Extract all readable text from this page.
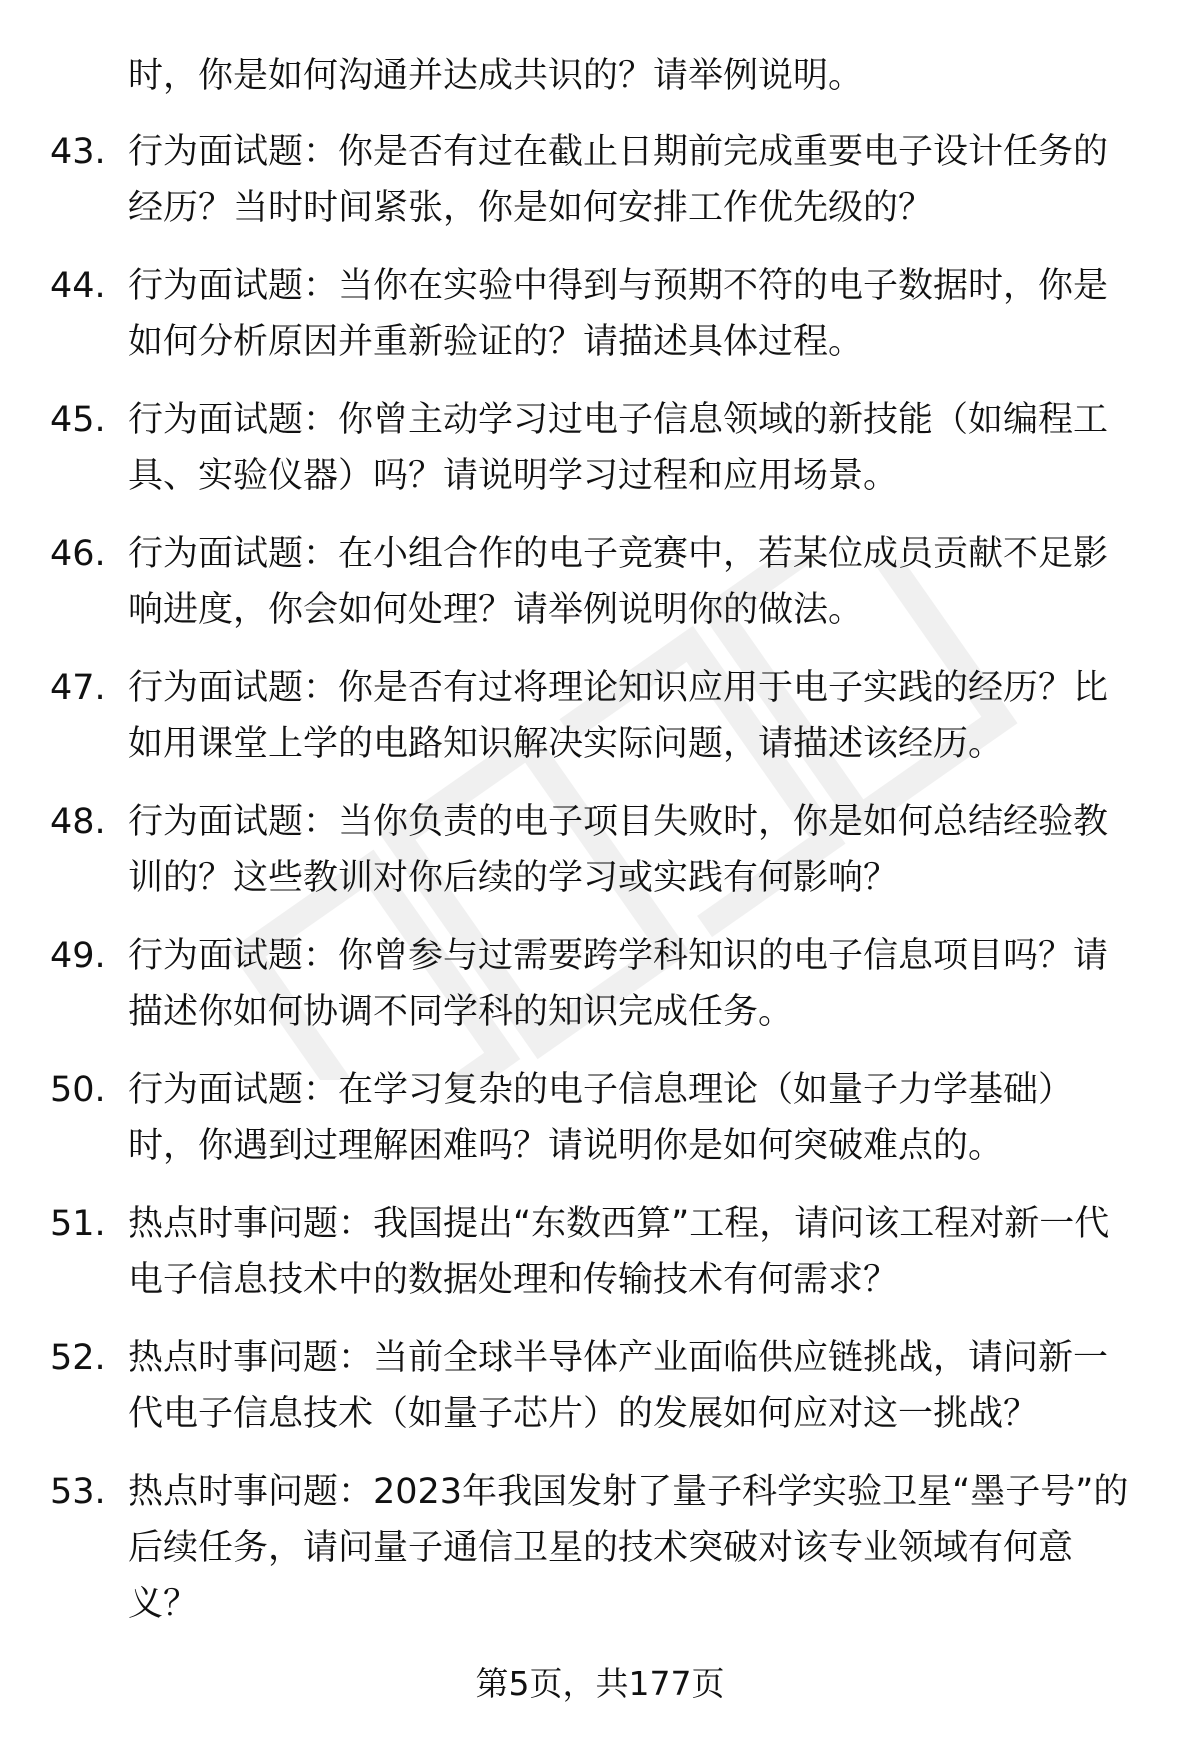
时，你是如何沟通并达成共识的？请举例说明。
43. 行为面试题：你是否有过在截止日期前完成重要电子设计任务的经历？当时时间紧张，你是如何安排工作优先级的？
44. 行为面试题：当你在实验中得到与预期不符的电子数据时，你是如何分析原因并重新验证的？请描述具体过程。
45. 行为面试题：你曾主动学习过电子信息领域的新技能（如编程工具、实验仪器）吗？请说明学习过程和应用场景。
46. 行为面试题：在小组合作的电子竞赛中，若某位成员贡献不足影响进度，你会如何处理？请举例说明你的做法。
47. 行为面试题：你是否有过将理论知识应用于电子实践的经历？比如用课堂上学的电路知识解决实际问题，请描述该经历。
48. 行为面试题：当你负责的电子项目失败时，你是如何总结经验教训的？这些教训对你后续的学习或实践有何影响？
49. 行为面试题：你曾参与过需要跨学科知识的电子信息项目吗？请描述你如何协调不同学科的知识完成任务。
50. 行为面试题：在学习复杂的电子信息理论（如量子力学基础）时，你遇到过理解困难吗？请说明你是如何突破难点的。
51. 热点时事问题：我国提出“东数西算”工程，请问该工程对新一代电子信息技术中的数据处理和传输技术有何需求？
52. 热点时事问题：当前全球半导体产业面临供应链挑战，请问新一代电子信息技术（如量子芯片）的发展如何应对这一挑战？
53. 热点时事问题：2023年我国发射了量子科学实验卫星“墨子号”的后续任务，请问量子通信卫星的技术突破对该专业领域有何意义？
第5页，共177页
